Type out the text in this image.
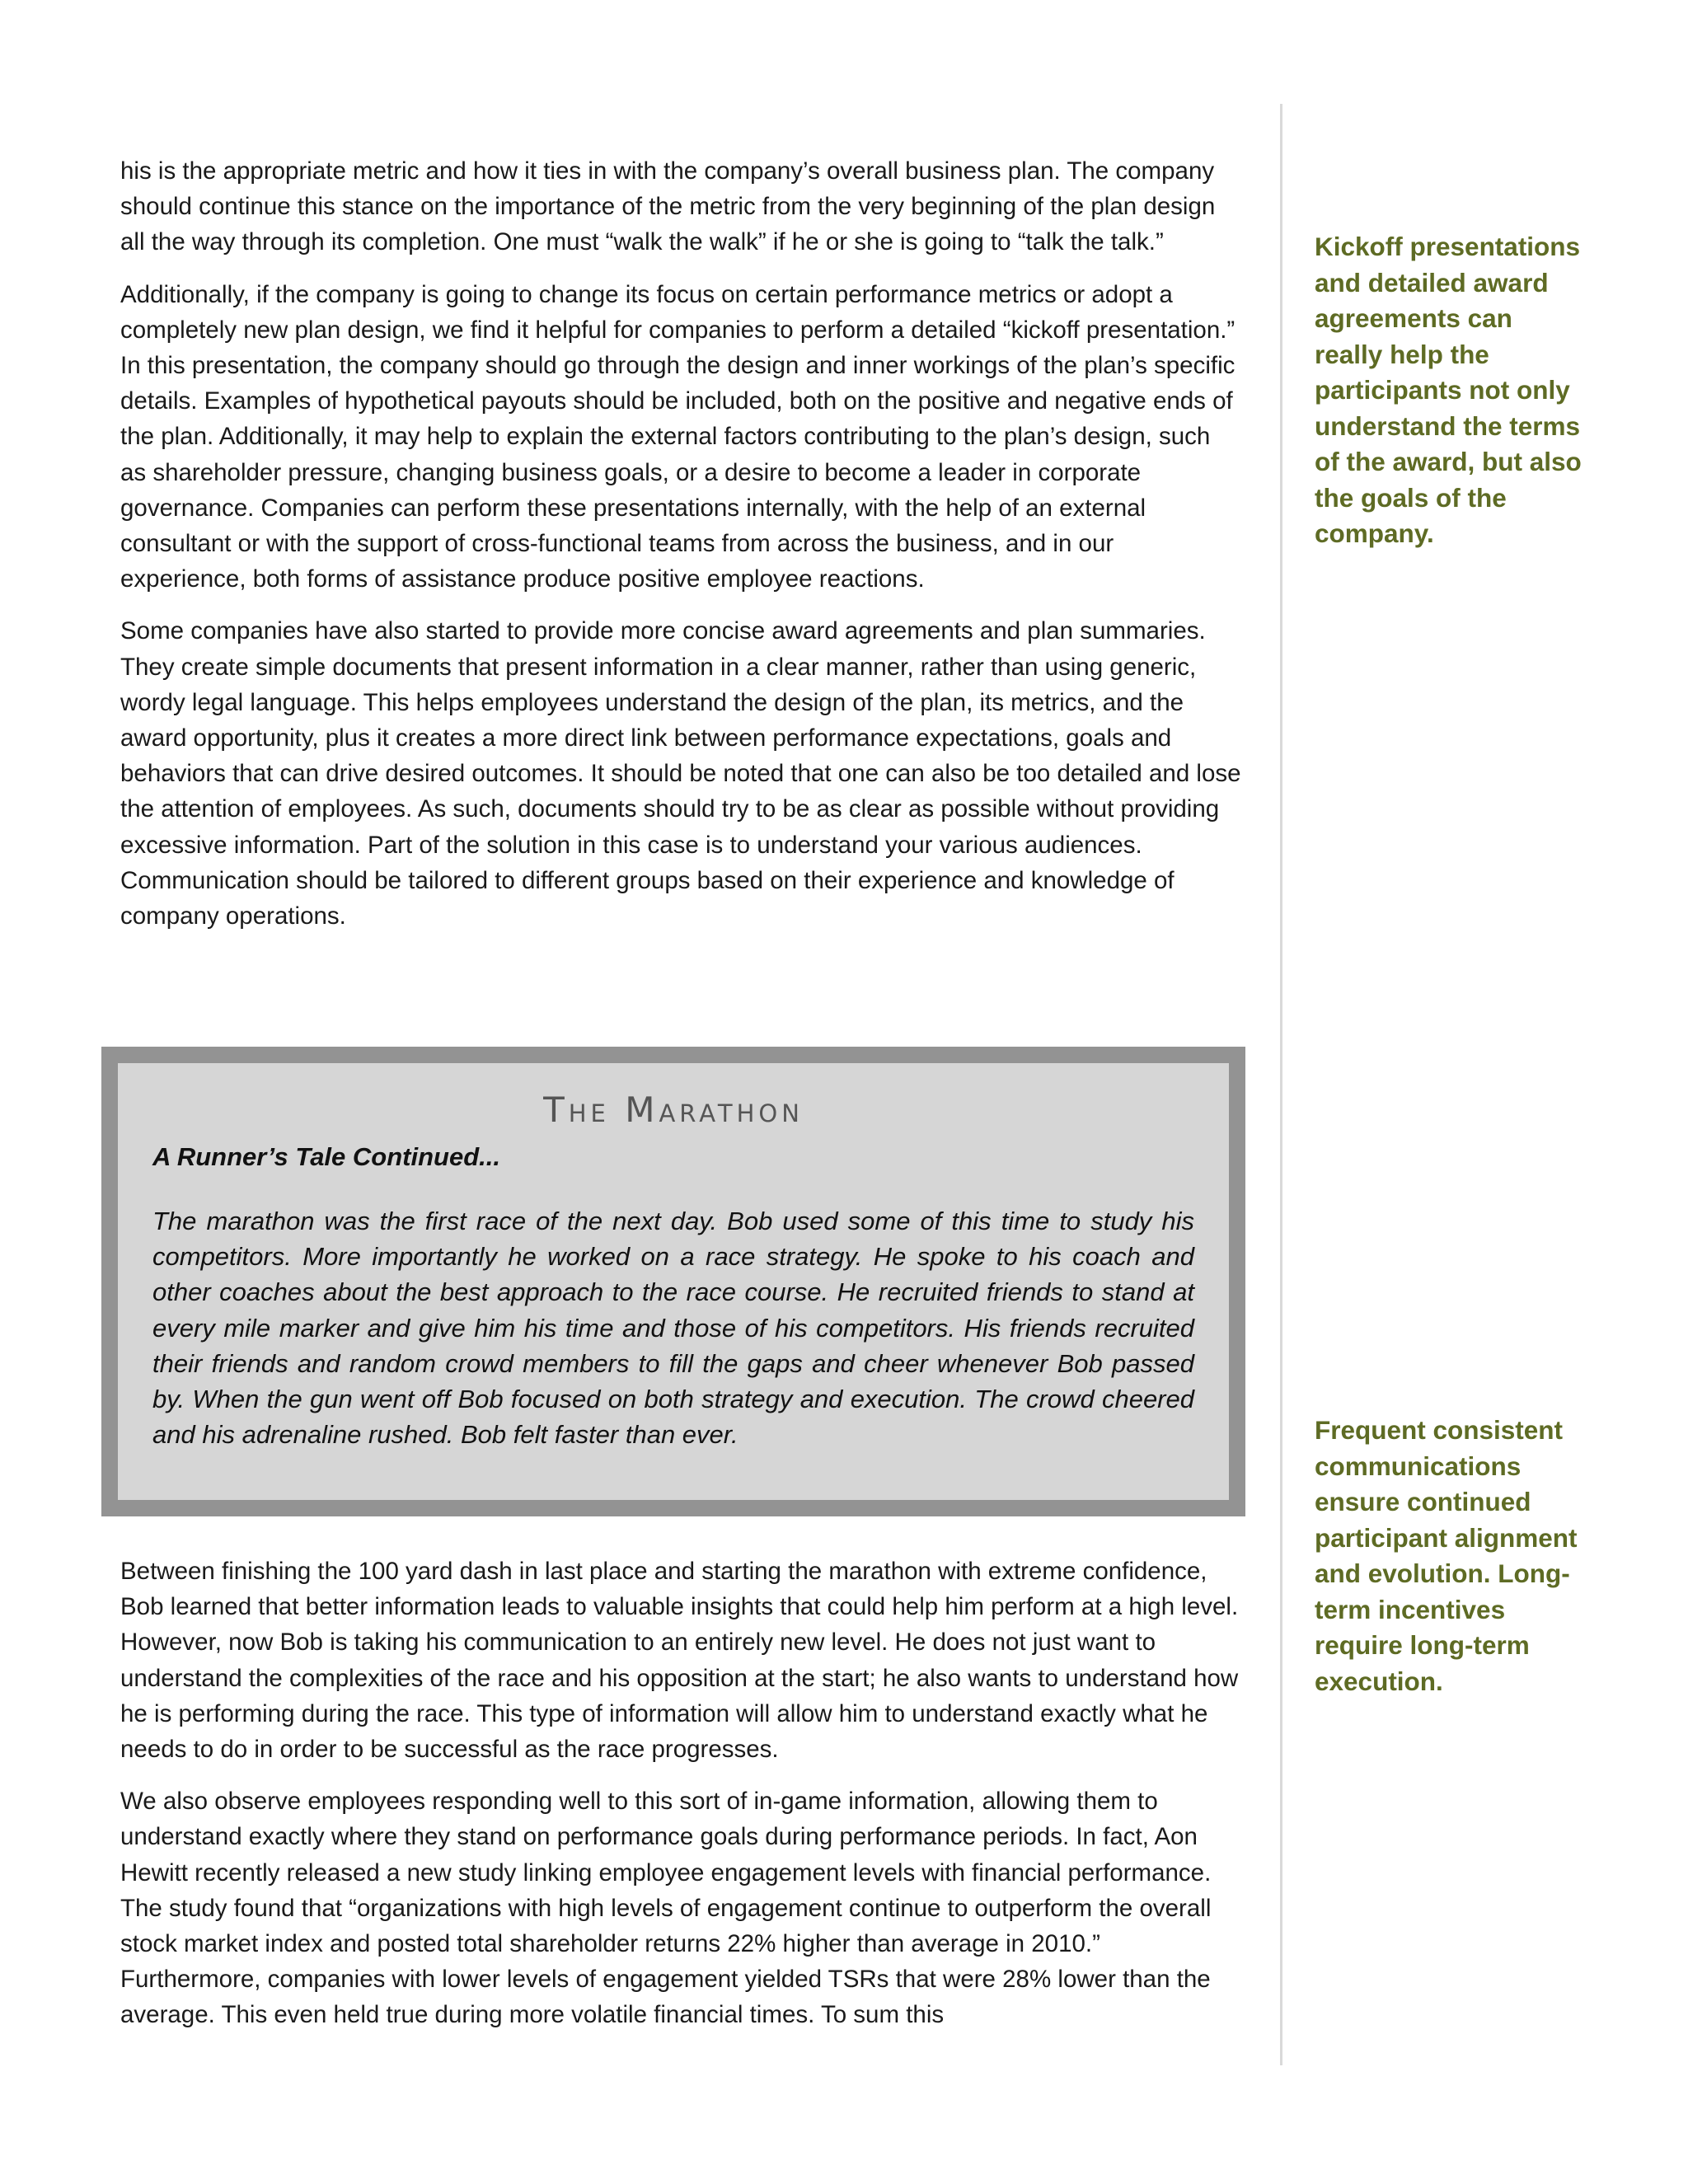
his is the appropriate metric and how it ties in with the company’s overall business plan. The company should continue this stance on the importance of the metric from the very beginning of the plan design all the way through its completion. One must “walk the walk” if he or she is going to “talk the talk.”

Additionally, if the company is going to change its focus on certain performance metrics or adopt a completely new plan design, we find it helpful for companies to perform a detailed “kickoff presentation.” In this presentation, the company should go through the design and inner workings of the plan’s specific details. Examples of hypothetical payouts should be included, both on the positive and negative ends of the plan. Additionally, it may help to explain the external factors contributing to the plan’s design, such as shareholder pressure, changing business goals, or a desire to become a leader in corporate governance. Companies can perform these presentations internally, with the help of an external consultant or with the support of cross-functional teams from across the business, and in our experience, both forms of assistance produce positive employee reactions.

Some companies have also started to provide more concise award agreements and plan summaries. They create simple documents that present information in a clear manner, rather than using generic, wordy legal language. This helps employees understand the design of the plan, its metrics, and the award opportunity, plus it creates a more direct link between performance expectations, goals and behaviors that can drive desired outcomes. It should be noted that one can also be too detailed and lose the attention of employees. As such, documents should try to be as clear as possible without providing excessive information. Part of the solution in this case is to understand your various audiences. Communication should be tailored to different groups based on their experience and knowledge of company operations.

The Marathon
A Runner’s Tale Continued...
The marathon was the first race of the next day. Bob used some of this time to study his competitors. More importantly he worked on a race strategy. He spoke to his coach and other coaches about the best approach to the race course. He recruited friends to stand at every mile marker and give him his time and those of his competitors. His friends recruited their friends and random crowd members to fill the gaps and cheer whenever Bob passed by. When the gun went off Bob focused on both strategy and execution. The crowd cheered and his adrenaline rushed. Bob felt faster than ever.

Between finishing the 100 yard dash in last place and starting the marathon with extreme confidence, Bob learned that better information leads to valuable insights that could help him perform at a high level. However, now Bob is taking his communication to an entirely new level. He does not just want to understand the complexities of the race and his opposition at the start; he also wants to understand how he is performing during the race. This type of information will allow him to understand exactly what he needs to do in order to be successful as the race progresses.

We also observe employees responding well to this sort of in-game information, allowing them to understand exactly where they stand on performance goals during performance periods. In fact, Aon Hewitt recently released a new study linking employee engagement levels with financial performance. The study found that “organizations with high levels of engagement continue to outperform the overall stock market index and posted total shareholder returns 22% higher than average in 2010.” Furthermore, companies with lower levels of engagement yielded TSRs that were 28% lower than the average. This even held true during more volatile financial times. To sum this

Kickoff presentations and detailed award agreements can really help the participants not only understand the terms of the award, but also the goals of the company.
Frequent consistent communications ensure continued participant alignment and evolution. Long-term incentives require long-term execution.
